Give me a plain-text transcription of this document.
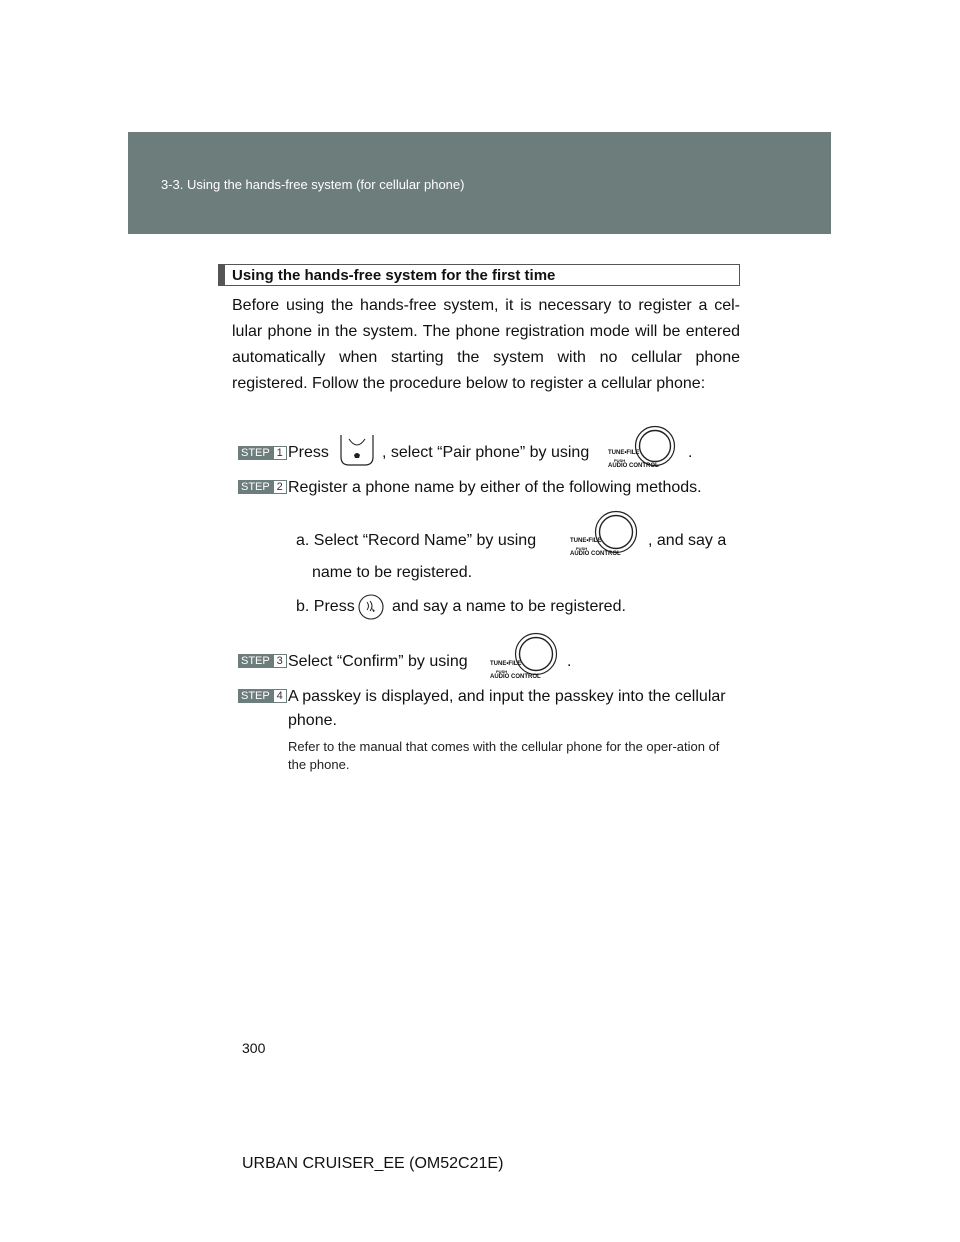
3-3. Using the hands-free system (for cellular phone)
Using the hands-free system for the first time
Before using the hands-free system, it is necessary to register a cel-lular phone in the system. The phone registration mode will be entered automatically when starting the system with no cellular phone registered. Follow the procedure below to register a cellular phone:
STEP 1 Press	, select “Pair phone” by using	TUNE•FILE
PUSH
AUDIO CONTROL
.
STEP 2 Register a phone name by either of the following methods.
a. Select “Record Name” by using	TUNE•FILE
PUSH
AUDIO CONTROL
, and say a
name to be registered.
b. Press and say a name to be registered.
STEP 3 Select “Confirm” by using	TUNE•FILE
PUSH
AUDIO CONTROL
.
STEP 4 A passkey is displayed, and input the passkey into the cellular
phone.
Refer to the manual that comes with the cellular phone for the oper-ation of the phone.
300
URBAN CRUISER_EE (OM52C21E)
